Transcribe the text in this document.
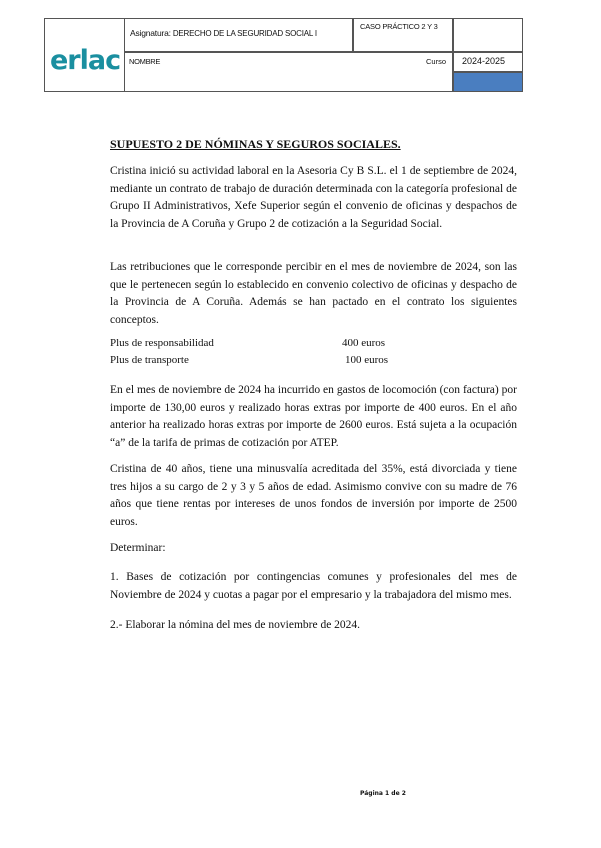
erlac
Asignatura: DERECHO DE LA SEGURIDAD SOCIAL I
CASO PRÁCTICO 2 Y 3
NOMBRE	Curso 2024-2025
SUPUESTO 2 DE NÓMINAS Y SEGUROS SOCIALES.
Cristina inició su actividad laboral en la Asesoria Cy B S.L. el 1 de septiembre de 2024, mediante un contrato de trabajo de duración determinada con la categoría profesional de Grupo II Administrativos, Xefe Superior según el convenio de oficinas y despachos de la Provincia de A Coruña y Grupo 2 de cotización a la Seguridad Social.
Las retribuciones que le corresponde percibir en el mes de noviembre de 2024, son las que le pertenecen según lo establecido en convenio colectivo de oficinas y despacho de la Provincia de A Coruña. Además se han pactado en el contrato los siguientes conceptos.
Plus de responsabilidad	400 euros
Plus de transporte	100 euros
En el mes de noviembre de 2024 ha incurrido en gastos de locomoción (con factura) por importe de 130,00 euros y realizado horas extras por importe de 400 euros. En el año anterior ha realizado horas extras por importe de 2600 euros. Está sujeta a la ocupación “a” de la tarifa de primas de cotización por ATEP.
Cristina de 40 años, tiene una minusvalía acreditada del 35%, está divorciada y tiene tres hijos a su cargo de 2 y 3 y 5 años de edad. Asimismo convive con su madre de 76 años que tiene rentas por intereses de unos fondos de inversión por importe de 2500 euros.
Determinar:
1. Bases de cotización por contingencias comunes y profesionales del mes de Noviembre de 2024 y cuotas a pagar por el empresario y la trabajadora del mismo mes.
2.- Elaborar la nómina del mes de noviembre de 2024.
Página 1 de 2
